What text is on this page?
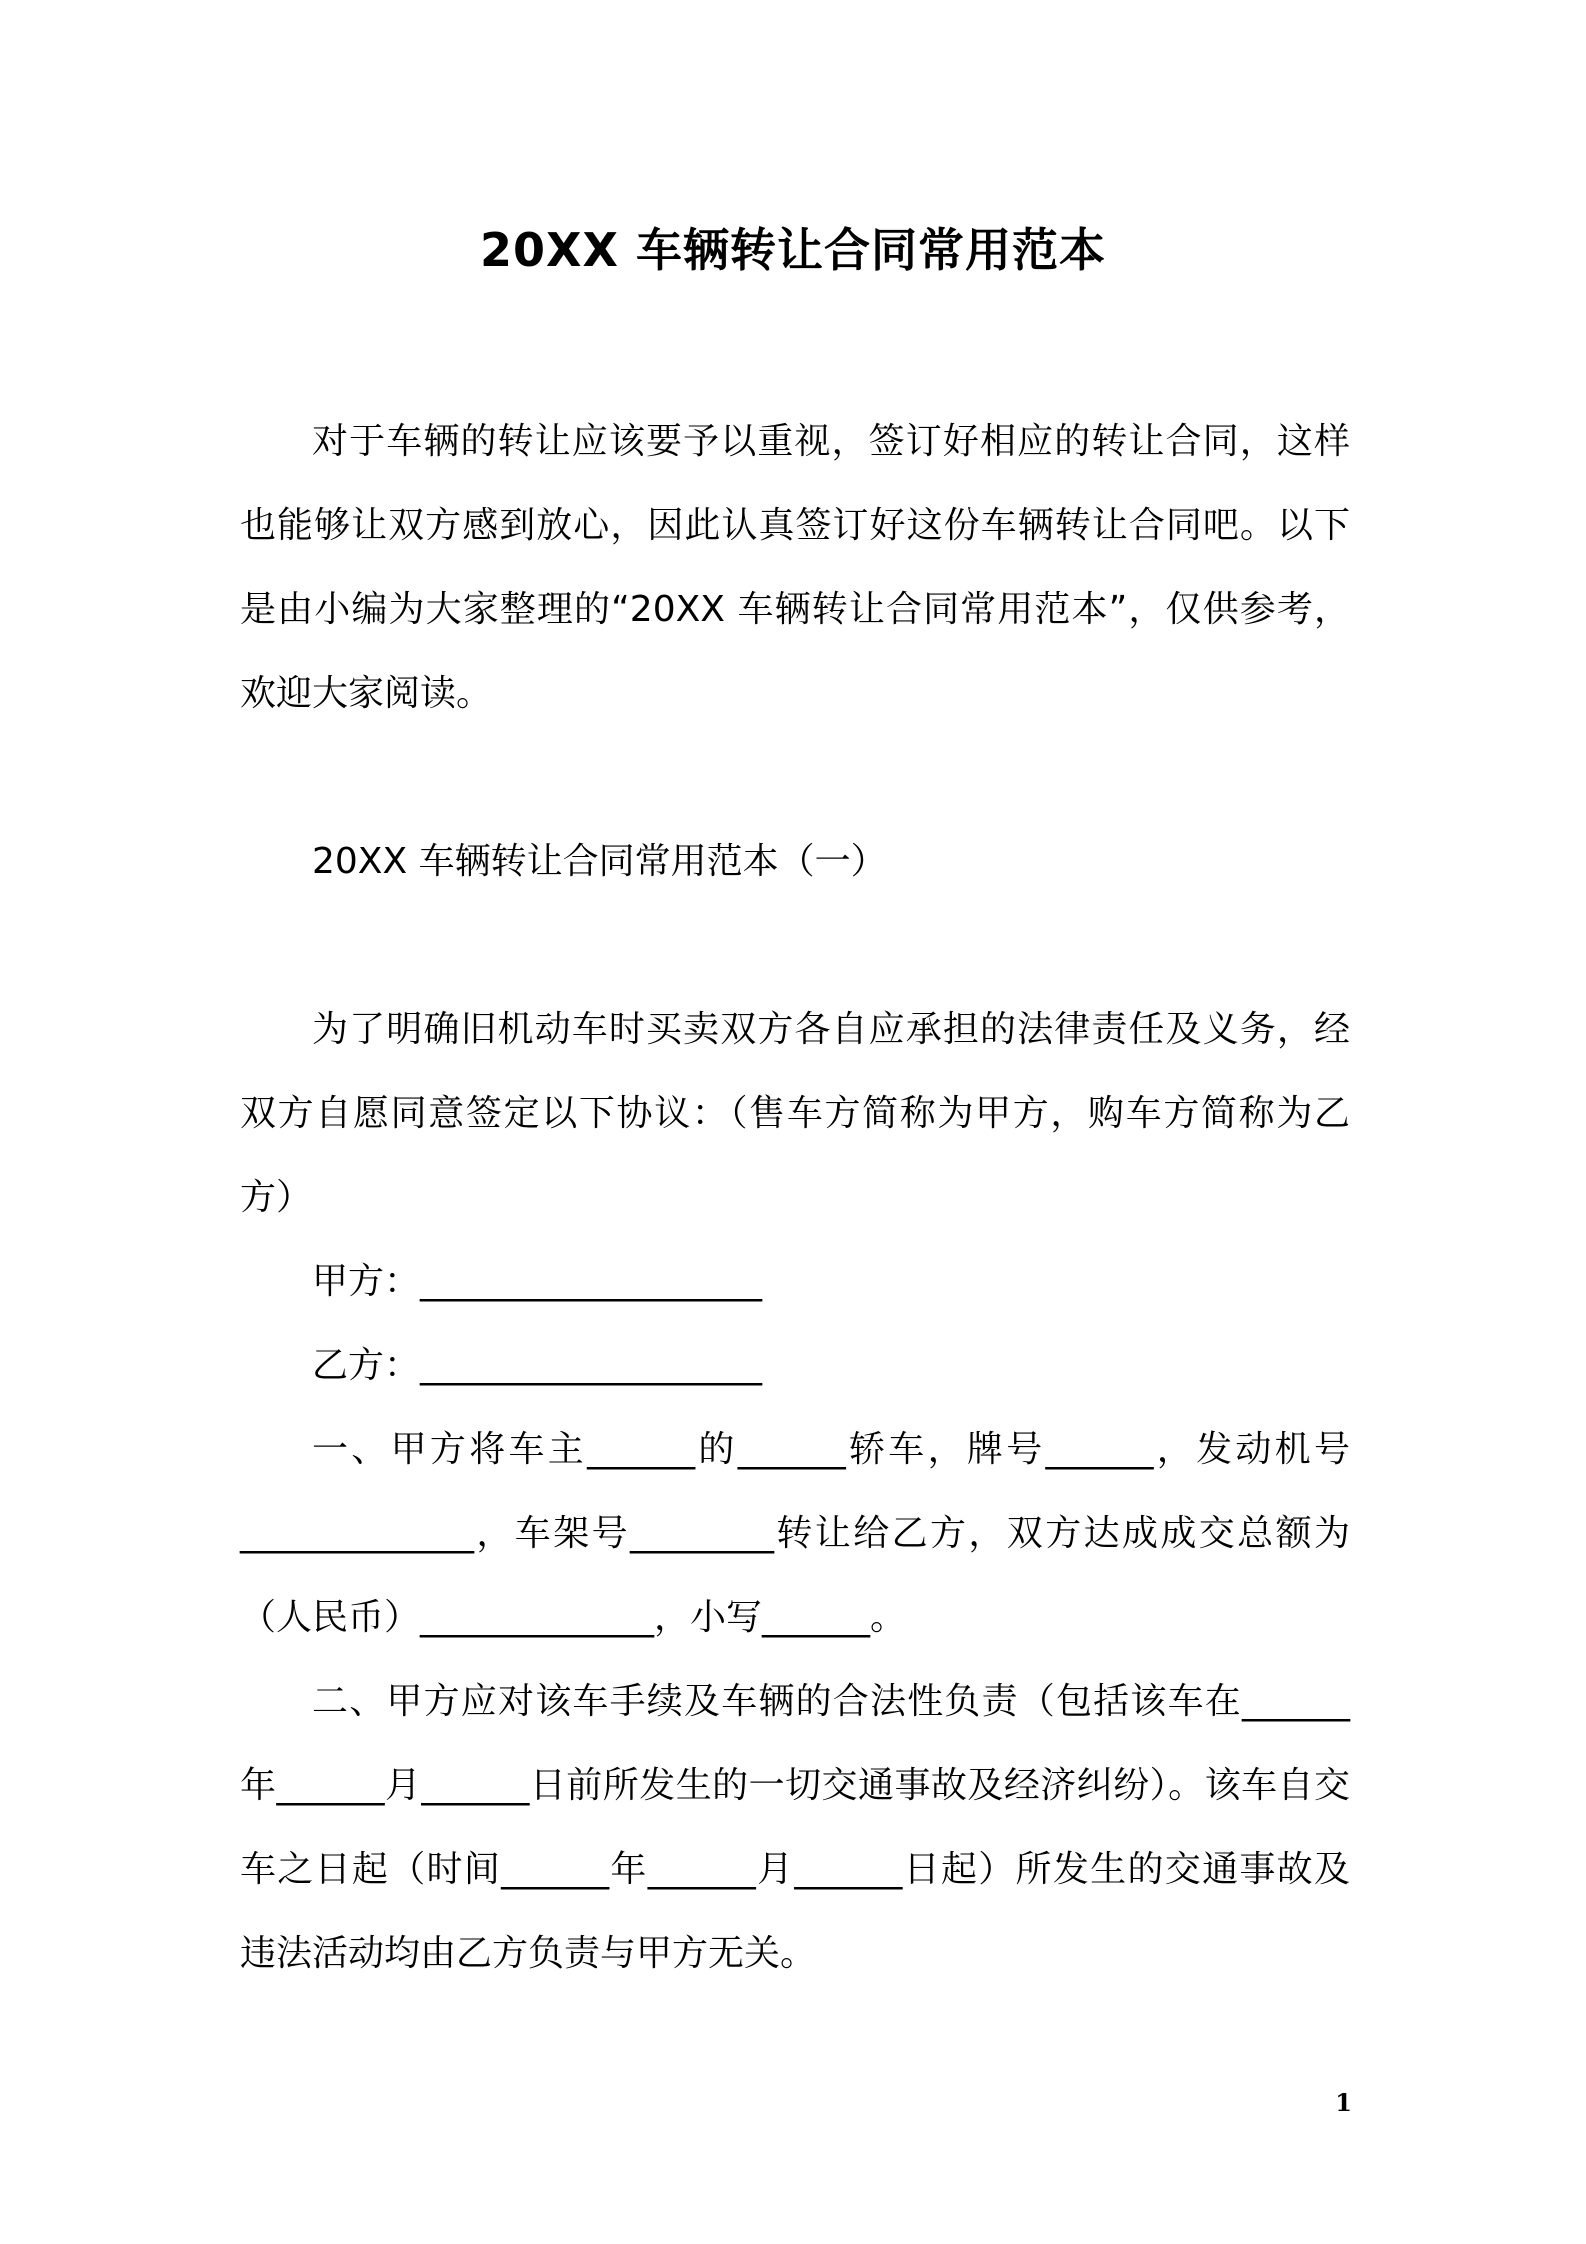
20XX 车辆转让合同常用范本

对于车辆的转让应该要予以重视，签订好相应的转让合同，这样也能够让双方感到放心，因此认真签订好这份车辆转让合同吧。以下是由小编为大家整理的“20XX 车辆转让合同常用范本”，仅供参考，欢迎大家阅读。

20XX 车辆转让合同常用范本（一）

为了明确旧机动车时买卖双方各自应承担的法律责任及义务，经双方自愿同意签定以下协议：（售车方简称为甲方，购车方简称为乙方）

甲方：___________________

乙方：___________________

一、甲方将车主______的______轿车，牌号______，发动机号_____________，车架号________转让给乙方，双方达成成交总额为（人民币）_____________，小写______。

二、甲方应对该车手续及车辆的合法性负责（包括该车在______年______月______日前所发生的一切交通事故及经济纠纷）。该车自交车之日起（时间______年______月______日起）所发生的交通事故及违法活动均由乙方负责与甲方无关。

1
